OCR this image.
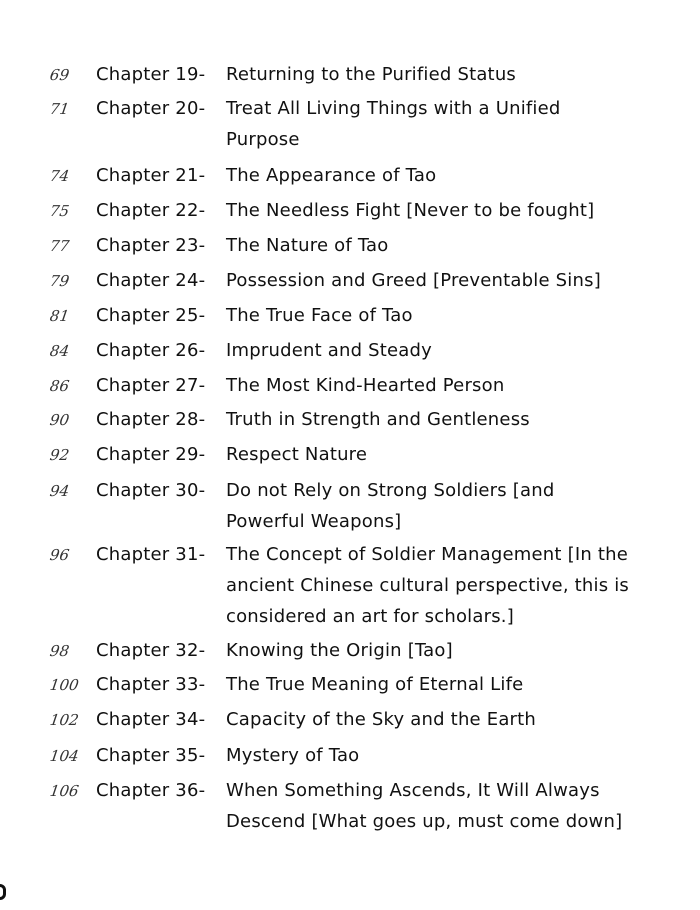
69	Chapter 19- Returning to the Purified Status
71	Chapter 20- Treat All Living Things with a Unified Purpose
74	Chapter 21- The Appearance of Tao
75	Chapter 22- The Needless Fight [Never to be fought]
77	Chapter 23- The Nature of Tao
79	Chapter 24- Possession and Greed [Preventable Sins]
81	Chapter 25- The True Face of Tao
84	Chapter 26- Imprudent and Steady
86	Chapter 27- The Most Kind-Hearted Person
90	Chapter 28- Truth in Strength and Gentleness
92	Chapter 29- Respect Nature
94	Chapter 30- Do not Rely on Strong Soldiers [and Powerful Weapons]
96	Chapter 31- The Concept of Soldier Management [In the ancient Chinese cultural perspective, this is considered an art for scholars.]
98	Chapter 32- Knowing the Origin [Tao]
100 Chapter 33- The True Meaning of Eternal Life
102 Chapter 34- Capacity of the Sky and the Earth
104 Chapter 35- Mystery of Tao
106 Chapter 36- When Something Ascends, It Will Always Descend [What goes up, must come down]
